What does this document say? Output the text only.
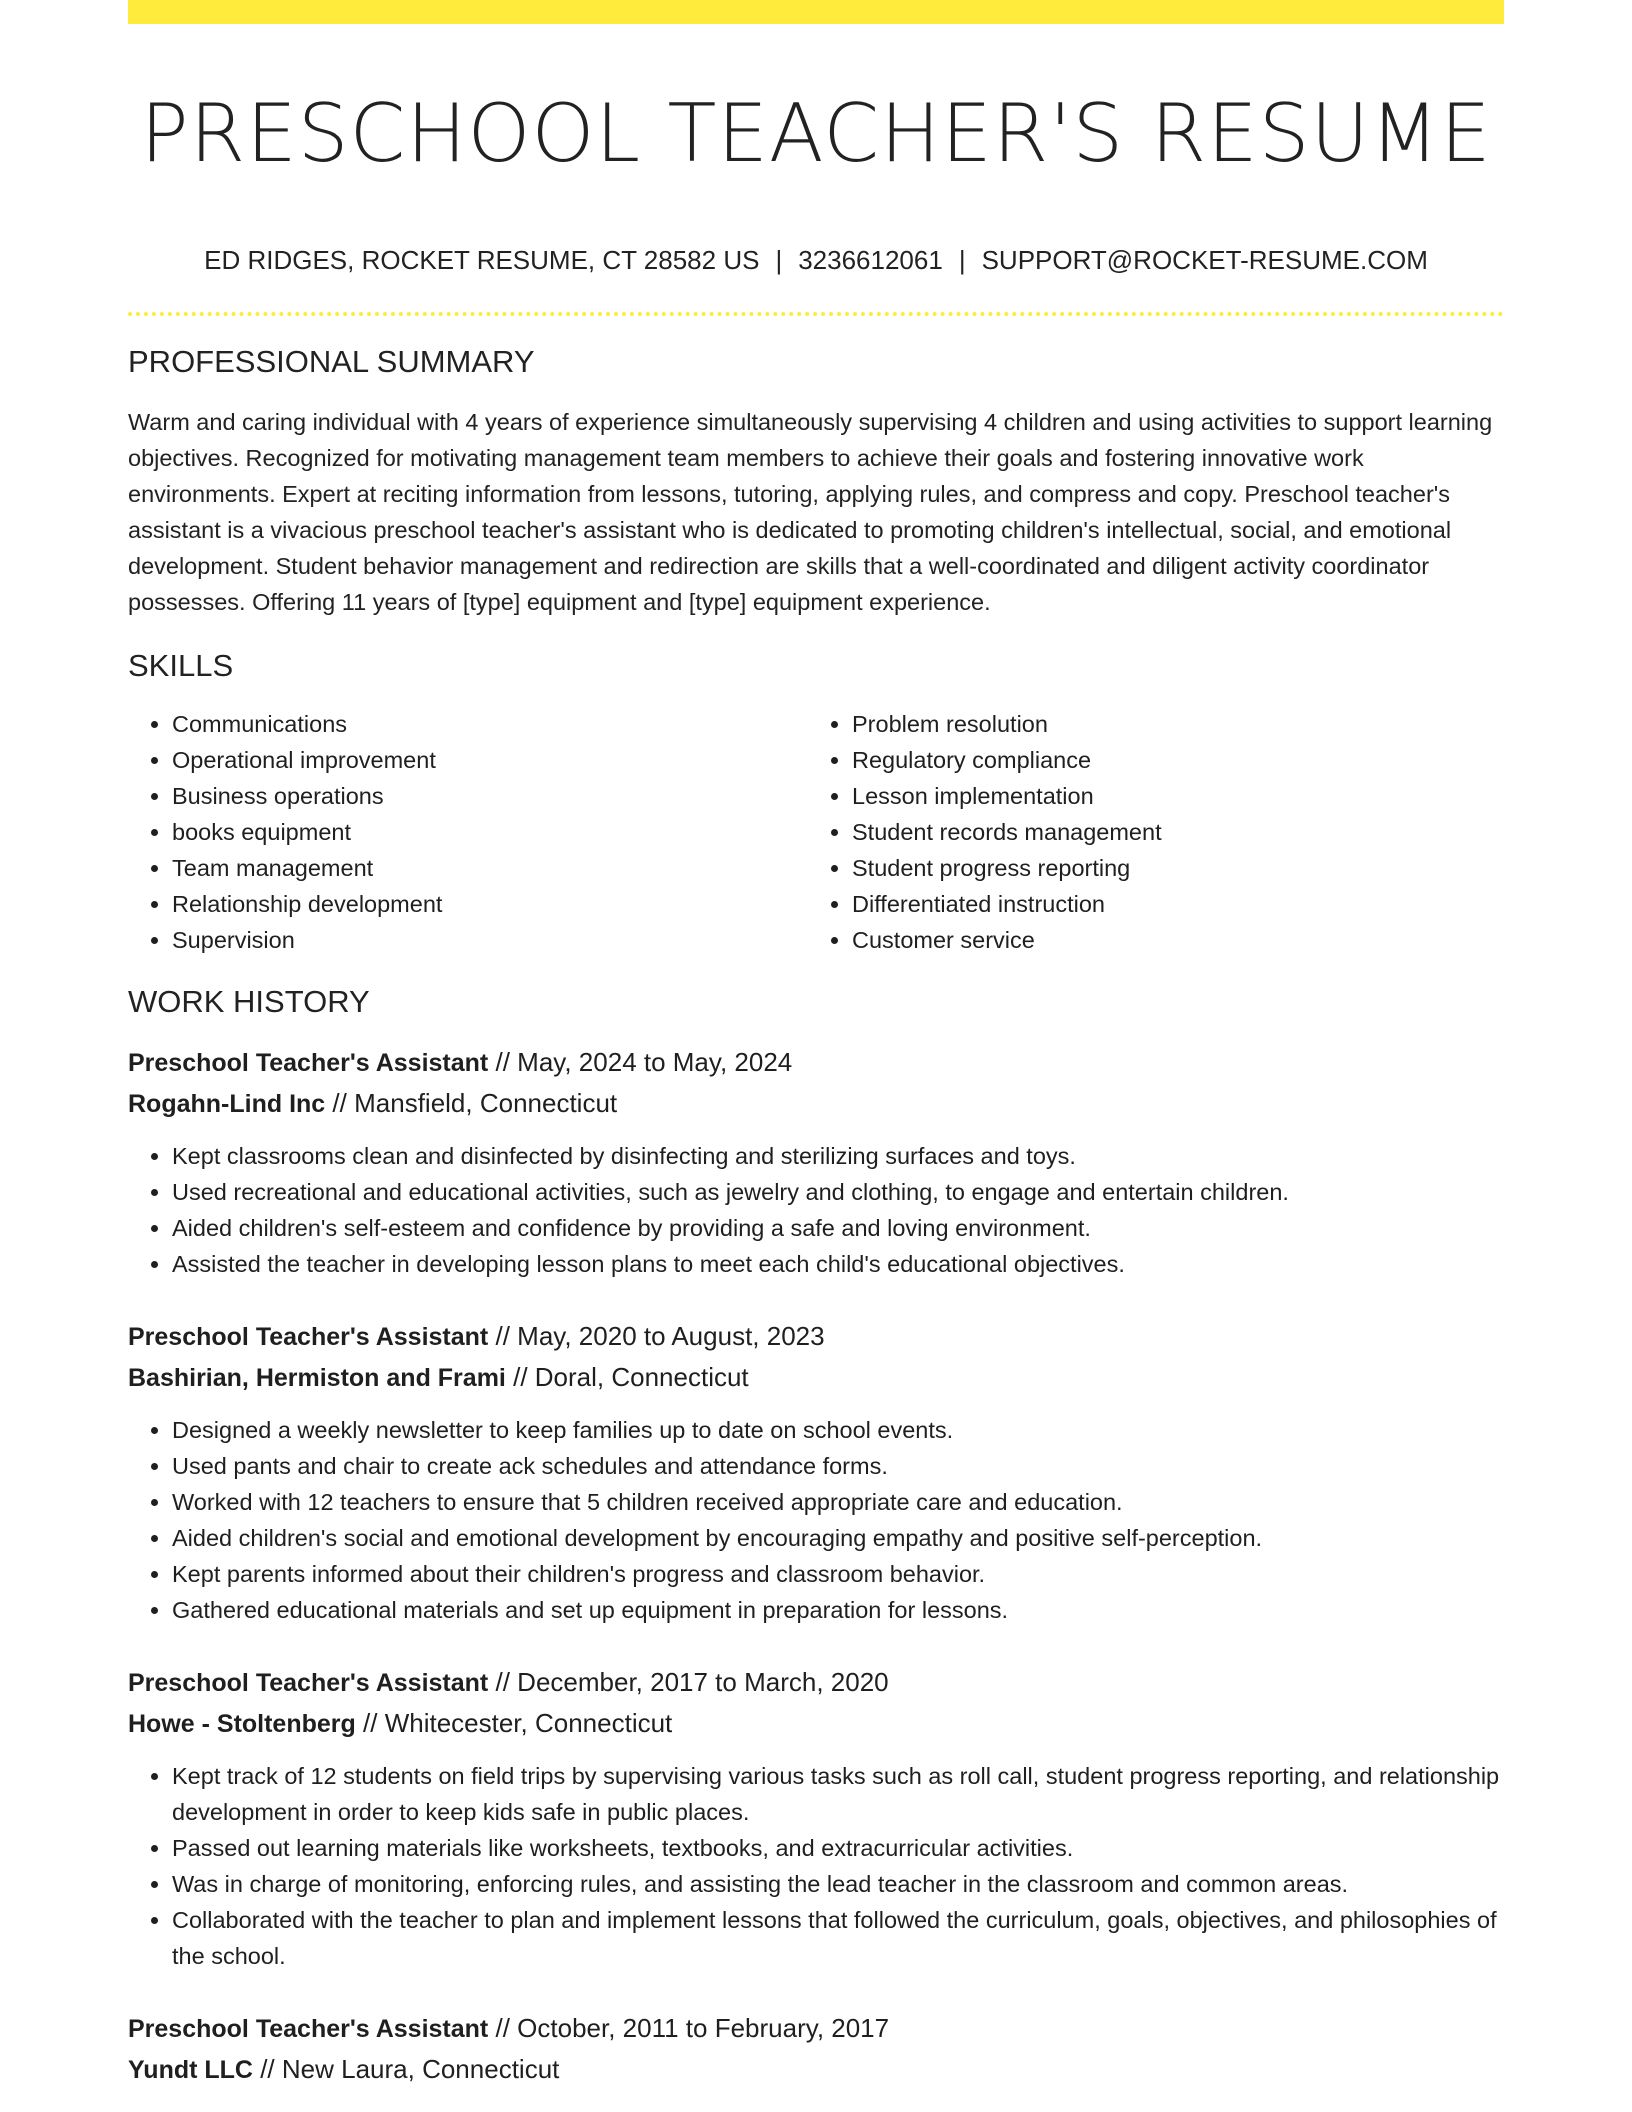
PRESCHOOL TEACHER'S RESUME
ED RIDGES, ROCKET RESUME, CT 28582 US | 3236612061 | SUPPORT@ROCKET-RESUME.COM
PROFESSIONAL SUMMARY

Warm and caring individual with 4 years of experience simultaneously supervising 4 children and using activities to support learning objectives. Recognized for motivating management team members to achieve their goals and fostering innovative work environments. Expert at reciting information from lessons, tutoring, applying rules, and compress and copy. Preschool teacher's assistant is a vivacious preschool teacher's assistant who is dedicated to promoting children's intellectual, social, and emotional development. Student behavior management and redirection are skills that a well-coordinated and diligent activity coordinator possesses. Offering 11 years of [type] equipment and [type] equipment experience.

SKILLS
• Communications
• Operational improvement
• Business operations
• books equipment
• Team management
• Relationship development
• Supervision
• Problem resolution
• Regulatory compliance
• Lesson implementation
• Student records management
• Student progress reporting
• Differentiated instruction
• Customer service
WORK HISTORY
Preschool Teacher's Assistant // May, 2024 to May, 2024
Rogahn-Lind Inc // Mansfield, Connecticut
• Kept classrooms clean and disinfected by disinfecting and sterilizing surfaces and toys.
• Used recreational and educational activities, such as jewelry and clothing, to engage and entertain children.
• Aided children's self-esteem and confidence by providing a safe and loving environment.
• Assisted the teacher in developing lesson plans to meet each child's educational objectives.
Preschool Teacher's Assistant // May, 2020 to August, 2023
Bashirian, Hermiston and Frami // Doral, Connecticut
• Designed a weekly newsletter to keep families up to date on school events.
• Used pants and chair to create ack schedules and attendance forms.
• Worked with 12 teachers to ensure that 5 children received appropriate care and education.
• Aided children's social and emotional development by encouraging empathy and positive self-perception.
• Kept parents informed about their children's progress and classroom behavior.
• Gathered educational materials and set up equipment in preparation for lessons.
Preschool Teacher's Assistant // December, 2017 to March, 2020
Howe - Stoltenberg // Whitecester, Connecticut
• Kept track of 12 students on field trips by supervising various tasks such as roll call, student progress reporting, and relationship development in order to keep kids safe in public places.
• Passed out learning materials like worksheets, textbooks, and extracurricular activities.
• Was in charge of monitoring, enforcing rules, and assisting the lead teacher in the classroom and common areas.
• Collaborated with the teacher to plan and implement lessons that followed the curriculum, goals, objectives, and philosophies of the school.
Preschool Teacher's Assistant // October, 2011 to February, 2017
Yundt LLC // New Laura, Connecticut
